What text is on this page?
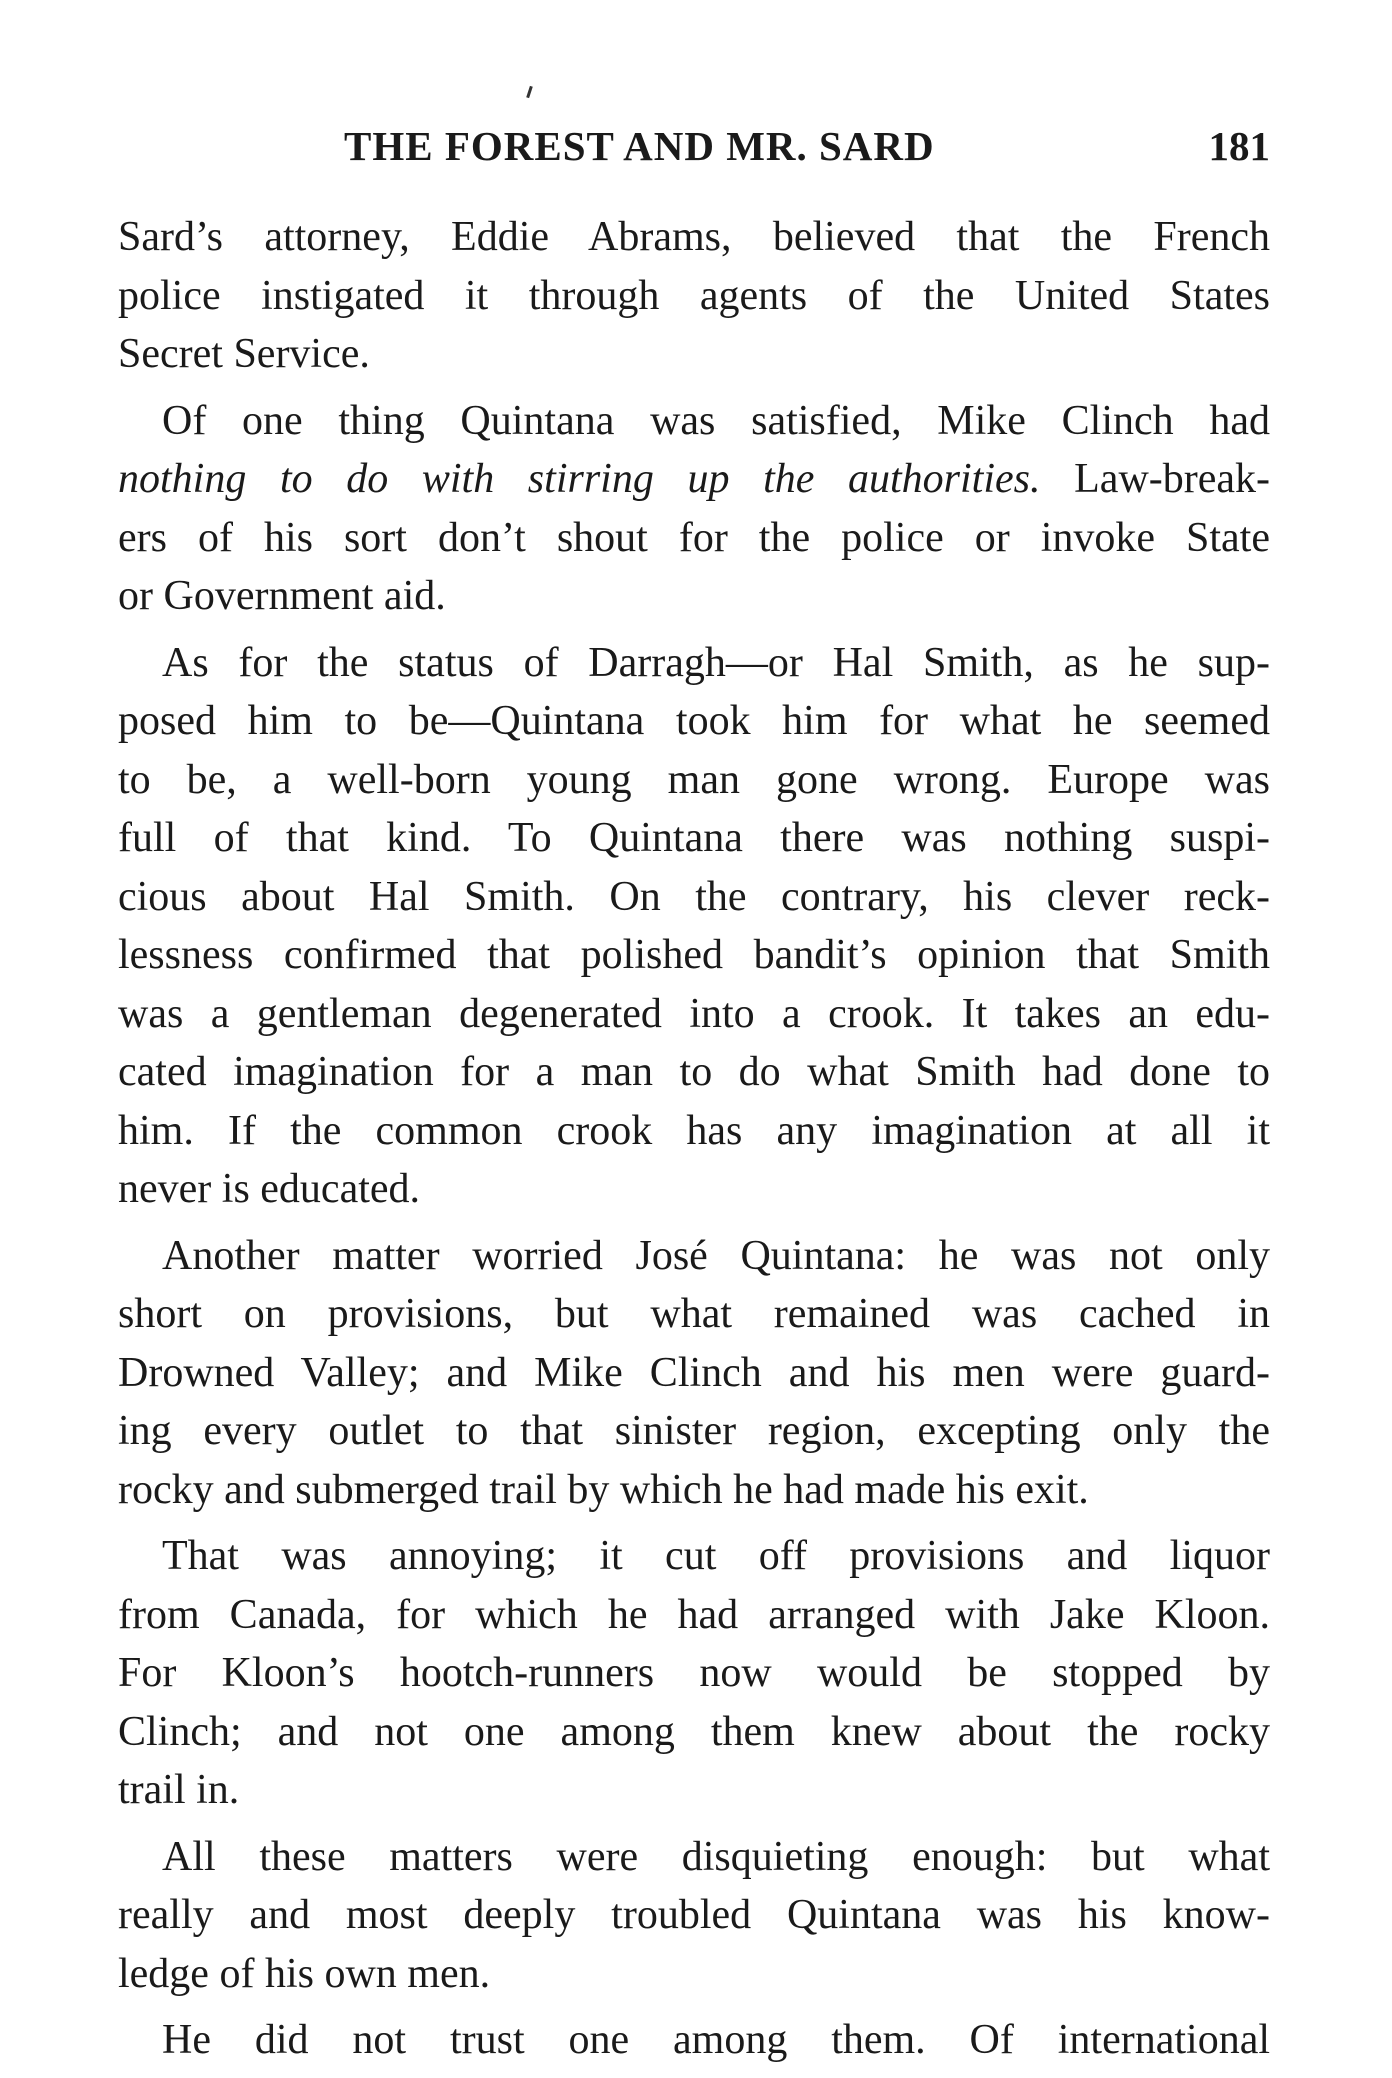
THE FOREST AND MR. SARD	181

Sard’s attorney, Eddie Abrams, believed that the French
police instigated it through agents of the United States
Secret Service.

Of one thing Quintana was satisfied, Mike Clinch had
nothing to do with stirring up the authorities. Law-break-
ers of his sort don’t shout for the police or invoke State
or Government aid.

As for the status of Darragh—or Hal Smith, as he sup-
posed him to be—Quintana took him for what he seemed
to be, a well-born young man gone wrong. Europe was
full of that kind. To Quintana there was nothing suspi-
cious about Hal Smith. On the contrary, his clever reck-
lessness confirmed that polished bandit’s opinion that Smith
was a gentleman degenerated into a crook. It takes an edu-
cated imagination for a man to do what Smith had done to
him. If the common crook has any imagination at all it
never is educated.

Another matter worried José Quintana: he was not only
short on provisions, but what remained was cached in
Drowned Valley; and Mike Clinch and his men were guard-
ing every outlet to that sinister region, excepting only the
rocky and submerged trail by which he had made his exit.

That was annoying; it cut off provisions and liquor
from Canada, for which he had arranged with Jake Kloon.
For Kloon’s hootch-runners now would be stopped by
Clinch; and not one among them knew about the rocky
trail in.

All these matters were disquieting enough: but what
really and most deeply troubled Quintana was his know-
ledge of his own men.

He did not trust one among them. Of international
